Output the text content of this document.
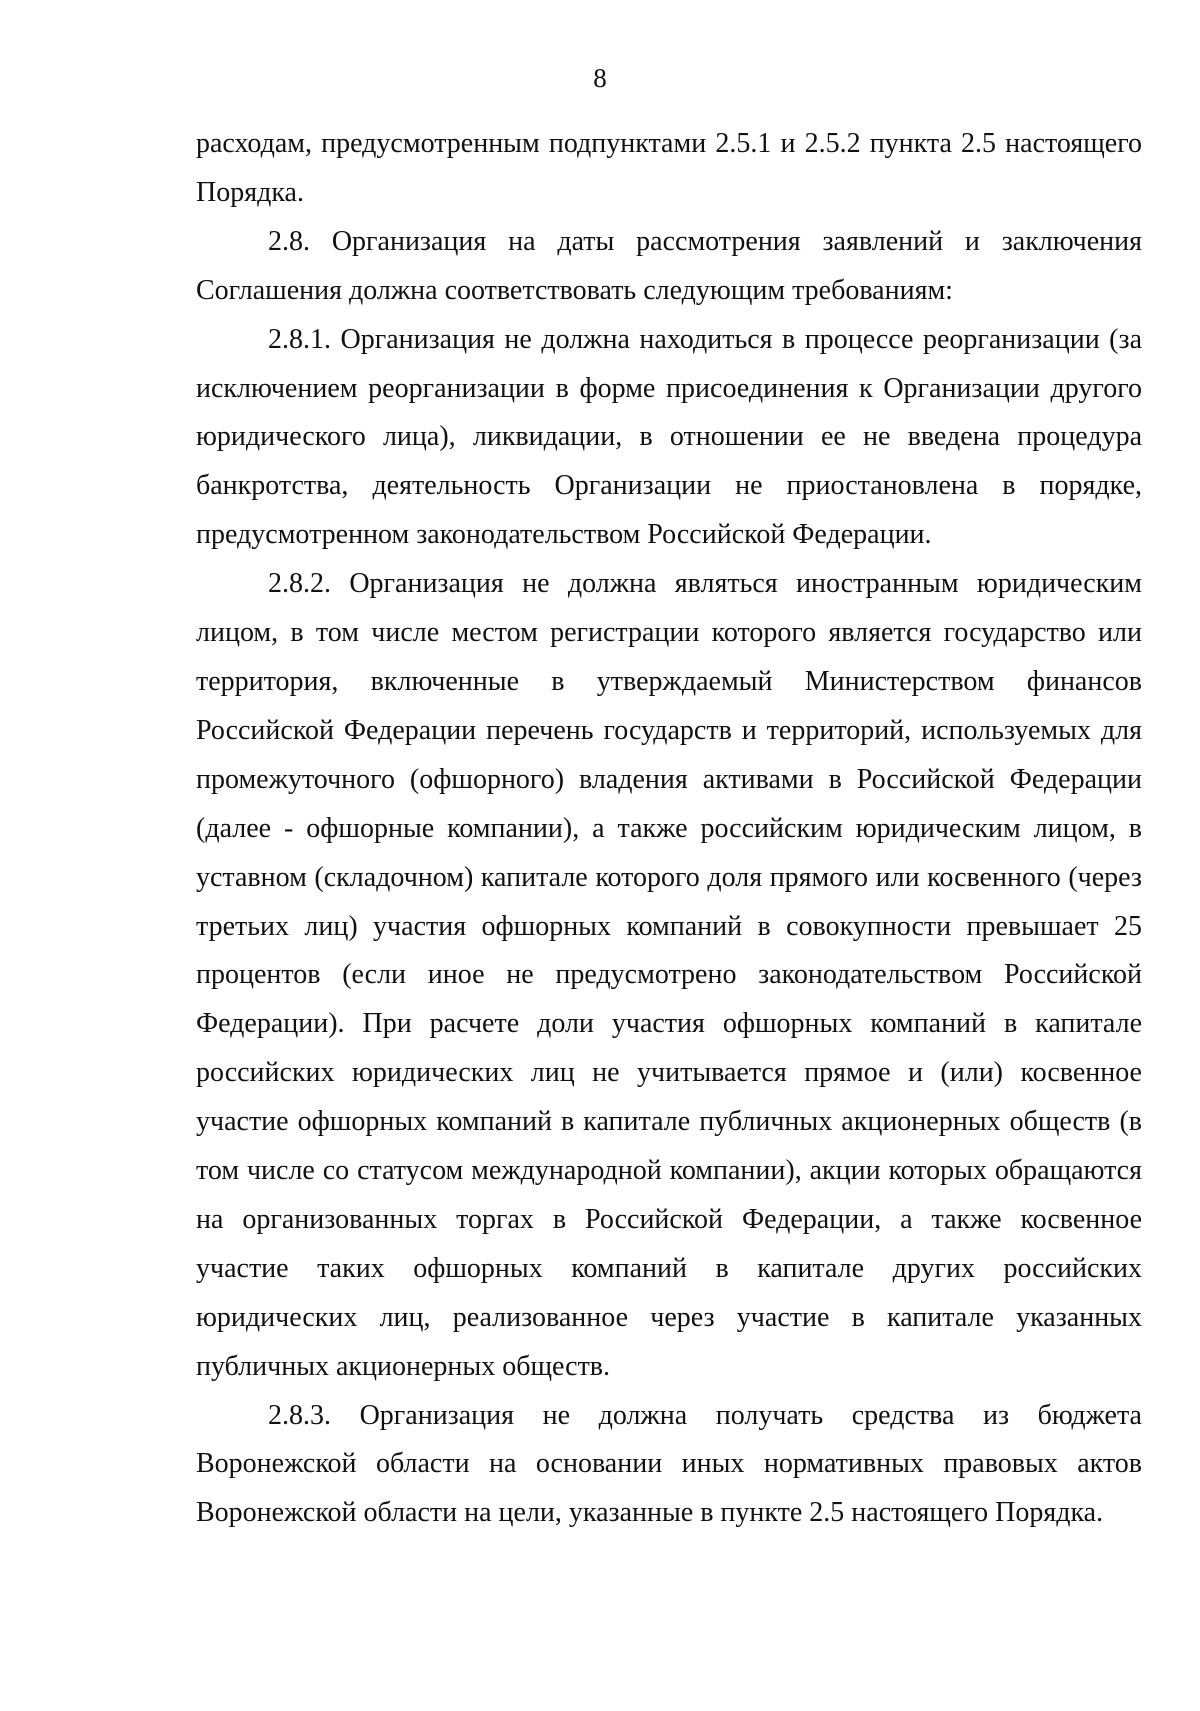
8

расходам, предусмотренным подпунктами 2.5.1 и 2.5.2 пункта 2.5 настоящего Порядка.

2.8. Организация на даты рассмотрения заявлений и заключения Соглашения должна соответствовать следующим требованиям:

2.8.1. Организация не должна находиться в процессе реорганизации (за исключением реорганизации в форме присоединения к Организации другого юридического лица), ликвидации, в отношении ее не введена процедура банкротства, деятельность Организации не приостановлена в порядке, предусмотренном законодательством Российской Федерации.

2.8.2. Организация не должна являться иностранным юридическим лицом, в том числе местом регистрации которого является государство или территория, включенные в утверждаемый Министерством финансов Российской Федерации перечень государств и территорий, используемых для промежуточного (офшорного) владения активами в Российской Федерации (далее - офшорные компании), а также российским юридическим лицом, в уставном (складочном) капитале которого доля прямого или косвенного (через третьих лиц) участия офшорных компаний в совокупности превышает 25 процентов (если иное не предусмотрено законодательством Российской Федерации). При расчете доли участия офшорных компаний в капитале российских юридических лиц не учитывается прямое и (или) косвенное участие офшорных компаний в капитале публичных акционерных обществ (в том числе со статусом международной компании), акции которых обращаются на организованных торгах в Российской Федерации, а также косвенное участие таких офшорных компаний в капитале других российских юридических лиц, реализованное через участие в капитале указанных публичных акционерных обществ.

2.8.3. Организация не должна получать средства из бюджета Воронежской области на основании иных нормативных правовых актов Воронежской области на цели, указанные в пункте 2.5 настоящего Порядка.
